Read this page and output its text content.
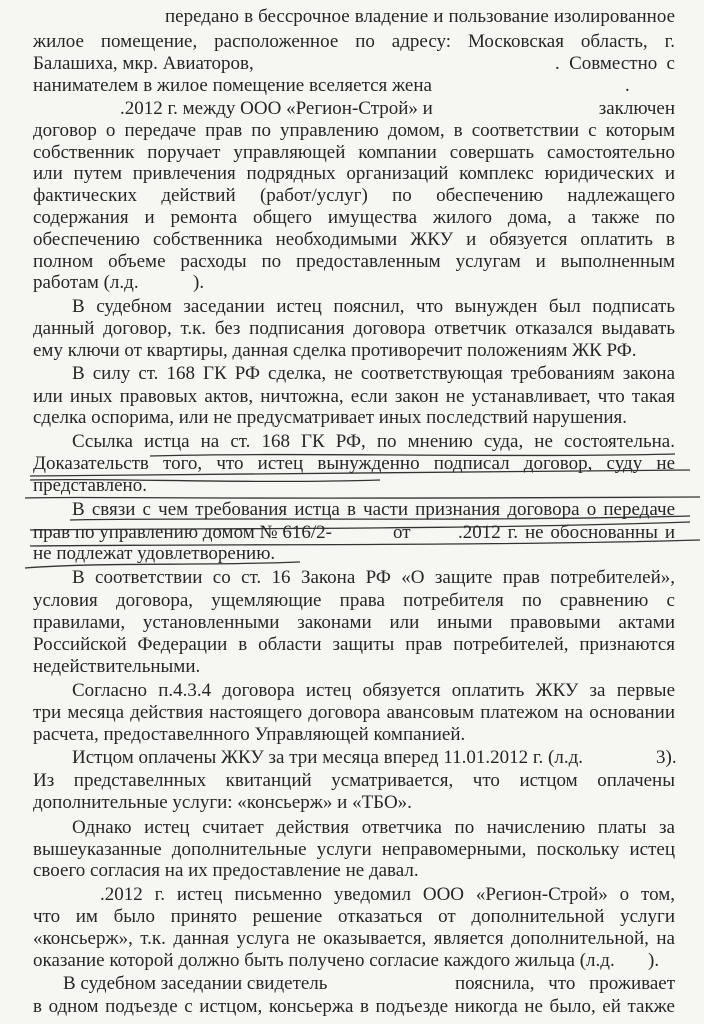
передано в бессрочное владение и пользование изолированное
жилое помещение, расположенное по адресу: Московская область, г.
Балашиха, мкр. Авиаторов,	. Совместно с
нанимателем в жилое помещение вселяется жена	.
.2012 г. между ООО «Регион-Строй» и	заключен
договор о передаче прав по управлению домом, в соответствии с которым
собственник поручает управляющей компании совершать самостоятельно
или путем привлечения подрядных организаций комплекс юридических и
фактических действий (работ/услуг) по обеспечению надлежащего
содержания и ремонта общего имущества жилого дома, а также по
обеспечению собственника необходимыми ЖКУ и обязуется оплатить в
полном объеме расходы по предоставленным услугам и выполненным
работам (л.д.	).
В судебном заседании истец пояснил, что вынужден был подписать
данный договор, т.к. без подписания договора ответчик отказался выдавать
ему ключи от квартиры, данная сделка противоречит положениям ЖК РФ.
В силу ст. 168 ГК РФ сделка, не соответствующая требованиям закона
или иных правовых актов, ничтожна, если закон не устанавливает, что такая
сделка оспорима, или не предусматривает иных последствий нарушения.
Ссылка истца на ст. 168 ГК РФ, по мнению суда, не состоятельна.
Доказательств того, что истец вынужденно подписал договор, суду не
представлено.
В связи с чем требования истца в части признания договора о передаче
прав по управлению домом № 616/2-	от .2012 г. не обоснованны и
не подлежат удовлетворению.
В соответствии со ст. 16 Закона РФ «О защите прав потребителей»,
условия договора, ущемляющие права потребителя по сравнению с
правилами, установленными законами или иными правовыми актами
Российской Федерации в области защиты прав потребителей, признаются
недействительными.
Согласно п.4.3.4 договора истец обязуется оплатить ЖКУ за первые
три месяца действия настоящего договора авансовым платежом на основании
расчета, предоставелнного Управляющей компанией.
Истцом оплачены ЖКУ за три месяца вперед 11.01.2012 г. (л.д.	3).
Из представелнных квитанций усматривается, что истцом оплачены
дополнительные услуги: «консьерж» и «ТБО».
Однако истец считает действия ответчика по начислению платы за
вышеуказанные дополнительные услуги неправомерными, поскольку истец
своего согласия на их предоставление не давал.
.2012 г. истец письменно уведомил ООО «Регион-Строй» о том,
что им было принято решение отказаться от дополнительной услуги
«консьерж», т.к. данная услуга не оказывается, является дополнительной, на
оказание которой должно быть получено согласие каждого жильца (л.д. ).
В судебном заседании свидетель	пояснила, что проживает
в одном подъезде с истцом, консьержа в подъезде никогда не было, ей также
